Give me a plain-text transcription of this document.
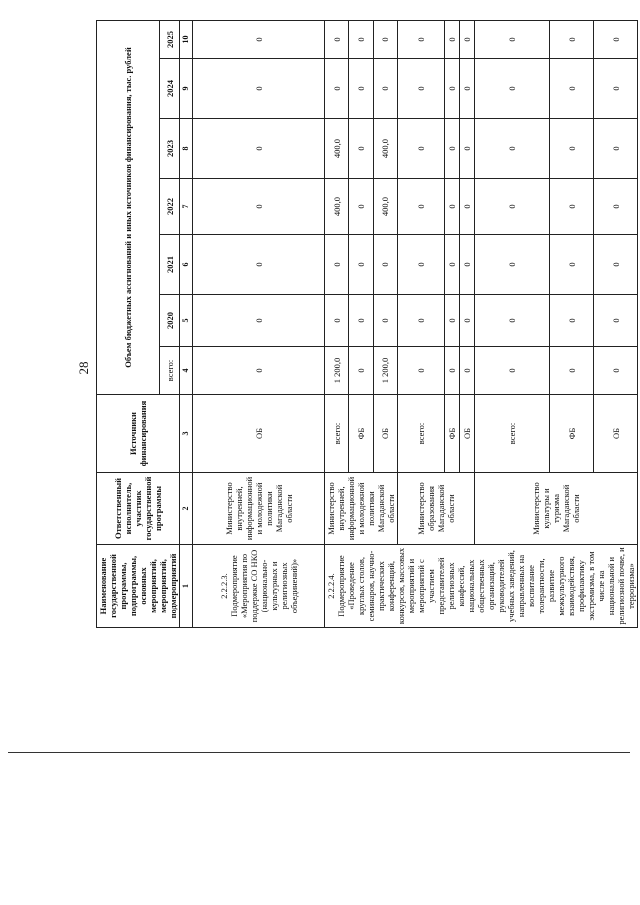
28
Наименование государственной программы, подпрограммы, основных мероприятий, мероприятий, подмероприятий	Ответственный исполнитель, участник государственной программы	Источники финансирования	Объем бюджетных ассигнований и иных источников финансирования, тыс. рублей						
			всего:	2020	2021	2022	2023	2024	2025
1	2	3	4	5	6	7	8	9	10
2.2.2.3. Подмероприятие «Мероприятия по поддержке СО НКО (национально-культурных и религиозных объединений)»	Министерство внутренней, информационной и молодежной политики Магаданской области	ОБ	0	0	0	0	0	0	0
2.2.2.4. Подмероприятие «Проведение круглых столов, семинаров, научно-практических конференций, конкурсов, массовых мероприятий и мероприятий с участием представителей религиозных конфессий, национальных общественных организаций, руководителей учебных заведений, направленных на воспитание толерантности, развитие межкультурного взаимодействия, профилактику экстремизма, в том числе на национальной и религиозной почве, и терроризма»	Министерство внутренней, информационной и молодежной политики Магаданской области	всего:	1 200,0	0	0	400,0	400,0	0	0
		ФБ	0	0	0	0	0	0	0
		ОБ	1 200,0	0	0	400,0	400,0	0	0
	Министерство образования Магаданской области	всего:	0	0	0	0	0	0	0
		ФБ	0	0	0	0	0	0	0
		ОБ	0	0	0	0	0	0	0
	Министерство культуры и туризма Магаданской области	всего:	0	0	0	0	0	0	0
		ФБ	0	0	0	0	0	0	0
		ОБ	0	0	0	0	0	0	0
